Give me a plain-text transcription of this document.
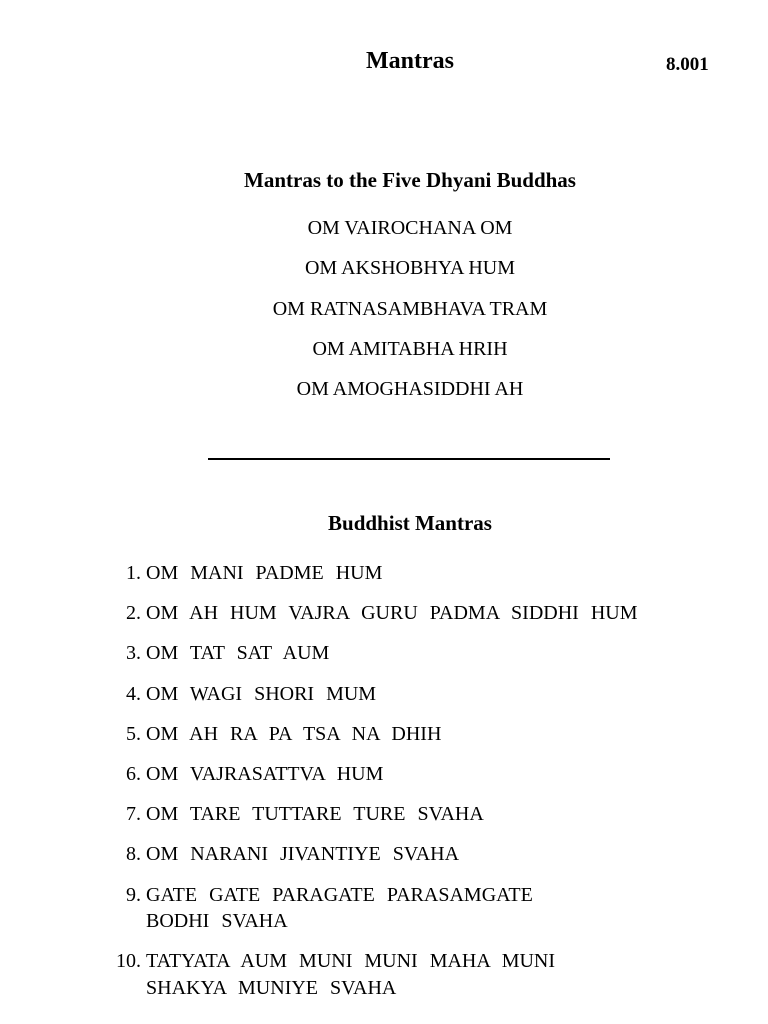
Mantras	8.001
Mantras to the Five Dhyani Buddhas
OM VAIROCHANA OM
OM AKSHOBHYA HUM
OM RATNASAMBHAVA TRAM
OM AMITABHA HRIH
OM AMOGHASIDDHI AH
Buddhist Mantras
1. OM MANI PADME HUM
2. OM AH HUM VAJRA GURU PADMA SIDDHI HUM
3. OM TAT SAT AUM
4. OM WAGI SHORI MUM
5. OM AH RA PA TSA NA DHIH
6. OM VAJRASATTVA HUM
7. OM TARE TUTTARE TURE SVAHA
8. OM NARANI JIVANTIYE SVAHA
9. GATE GATE PARAGATE PARASAMGATE
BODHI SVAHA
10. TATYATA AUM MUNI MUNI MAHA MUNI
SHAKYA MUNIYE SVAHA
